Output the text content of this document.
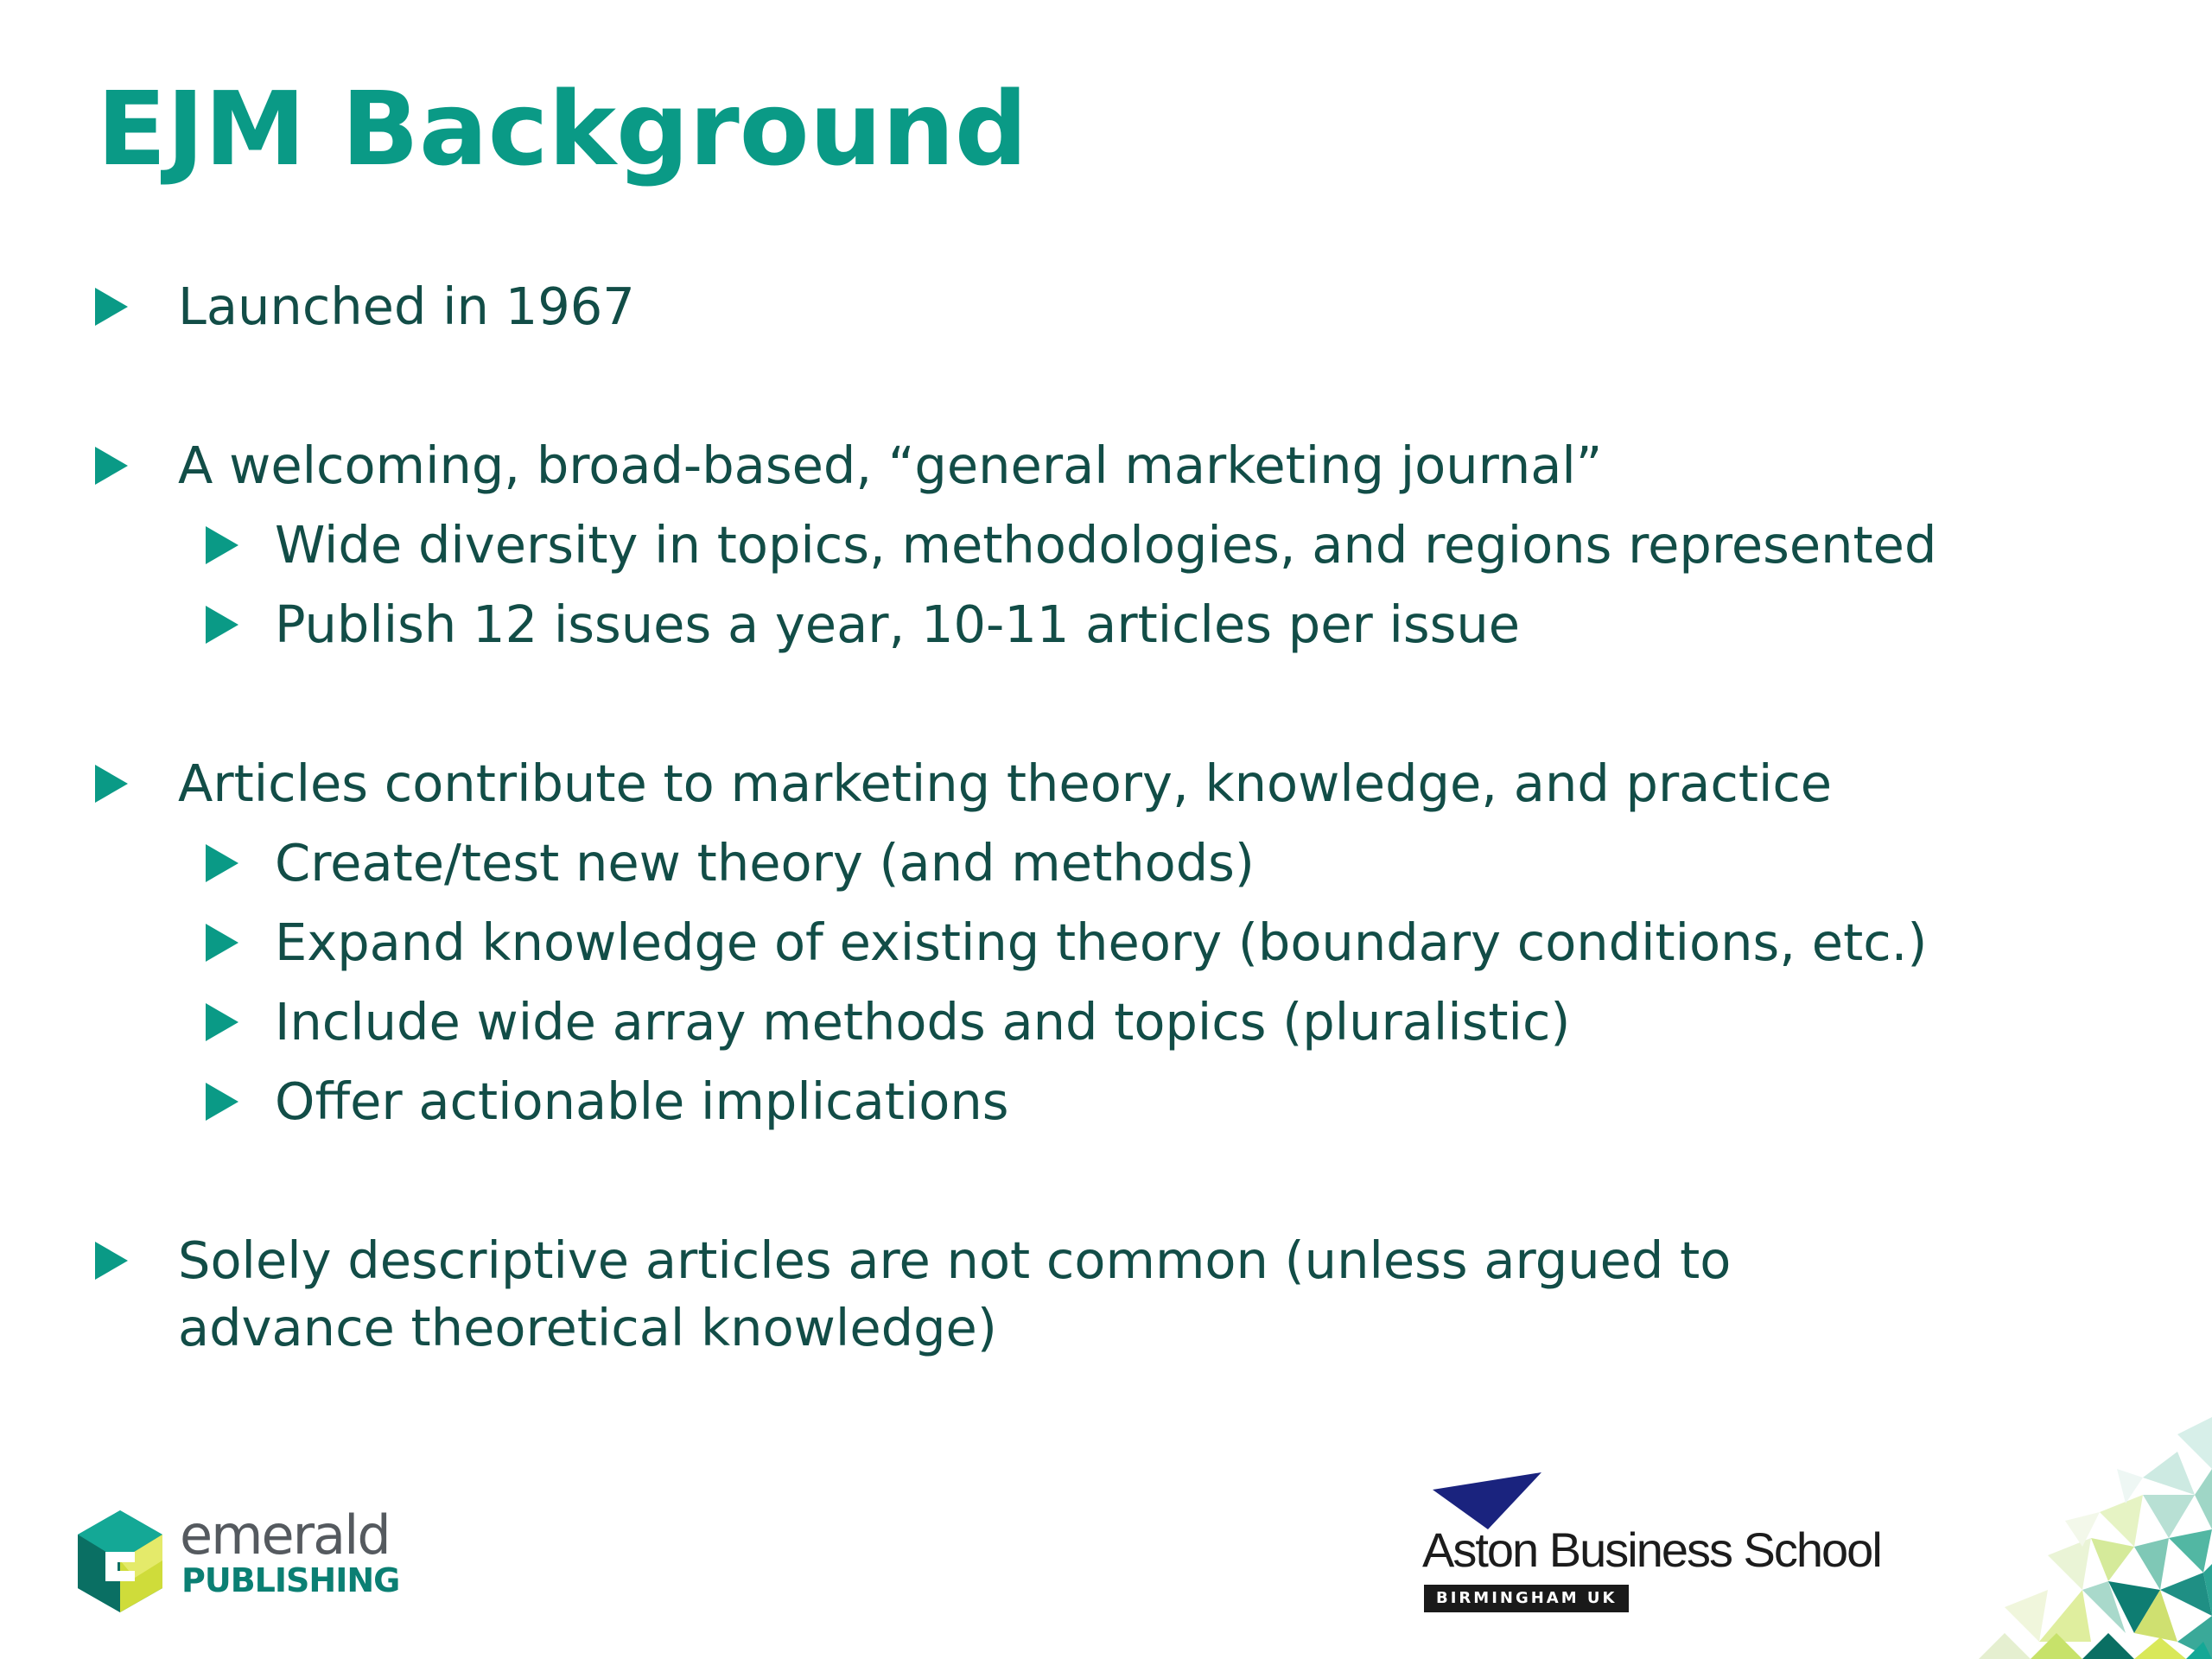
EJM Background
Launched in 1967
A welcoming, broad-based, “general marketing journal”
Wide diversity in topics, methodologies, and regions represented
Publish 12 issues a year, 10-11 articles per issue
Articles contribute to marketing theory, knowledge, and practice
Create/test new theory (and methods)
Expand knowledge of existing theory (boundary conditions, etc.)
Include wide array methods and topics (pluralistic)
Offer actionable implications
Solely descriptive articles are not common (unless argued to
advance theoretical knowledge)
emerald
PUBLISHING
Aston Business School
BIRMINGHAM UK
